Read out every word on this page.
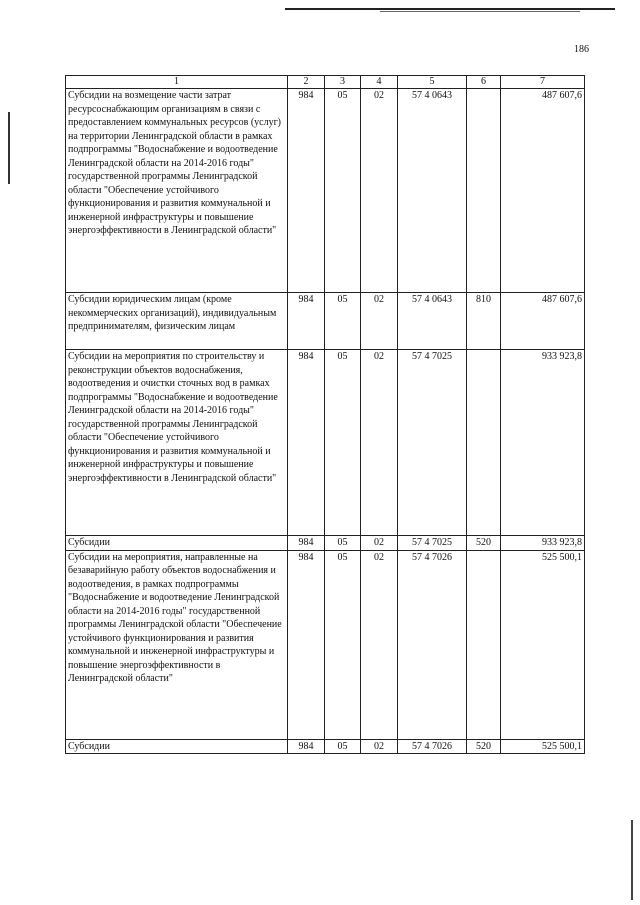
186
1	2	3	4	5	6	7
Субсидии на возмещение части затрат ресурсоснабжающим организациям в связи с предоставлением коммунальных ресурсов (услуг) на территории Ленинградской области в рамках подпрограммы "Водоснабжение и водоотведение Ленинградской области на 2014-2016 годы" государственной программы Ленинградской области "Обеспечение устойчивого функционирования и развития коммунальной и инженерной инфраструктуры и повышение энергоэффективности в Ленинградской области"	984	05	02	57 4 0643		487 607,6
Субсидии юридическим лицам (кроме некоммерческих организаций), индивидуальным предпринимателям, физическим лицам	984	05	02	57 4 0643	810	487 607,6
Субсидии на мероприятия по строительству и реконструкции объектов водоснабжения, водоотведения и очистки сточных вод в рамках подпрограммы "Водоснабжение и водоотведение Ленинградской области на 2014-2016 годы" государственной программы Ленинградской области "Обеспечение устойчивого функционирования и развития коммунальной и инженерной инфраструктуры и повышение энергоэффективности в Ленинградской области"	984	05	02	57 4 7025		933 923,8
Субсидии	984	05	02	57 4 7025	520	933 923,8
Субсидии на мероприятия, направленные на безаварийную работу объектов водоснабжения и водоотведения, в рамках подпрограммы "Водоснабжение и водоотведение Ленинградской области на 2014-2016 годы" государственной программы Ленинградской области "Обеспечение устойчивого функционирования и развития коммунальной и инженерной инфраструктуры и повышение энергоэффективности в Ленинградской области"	984	05	02	57 4 7026		525 500,1
Субсидии	984	05	02	57 4 7026	520	525 500,1
